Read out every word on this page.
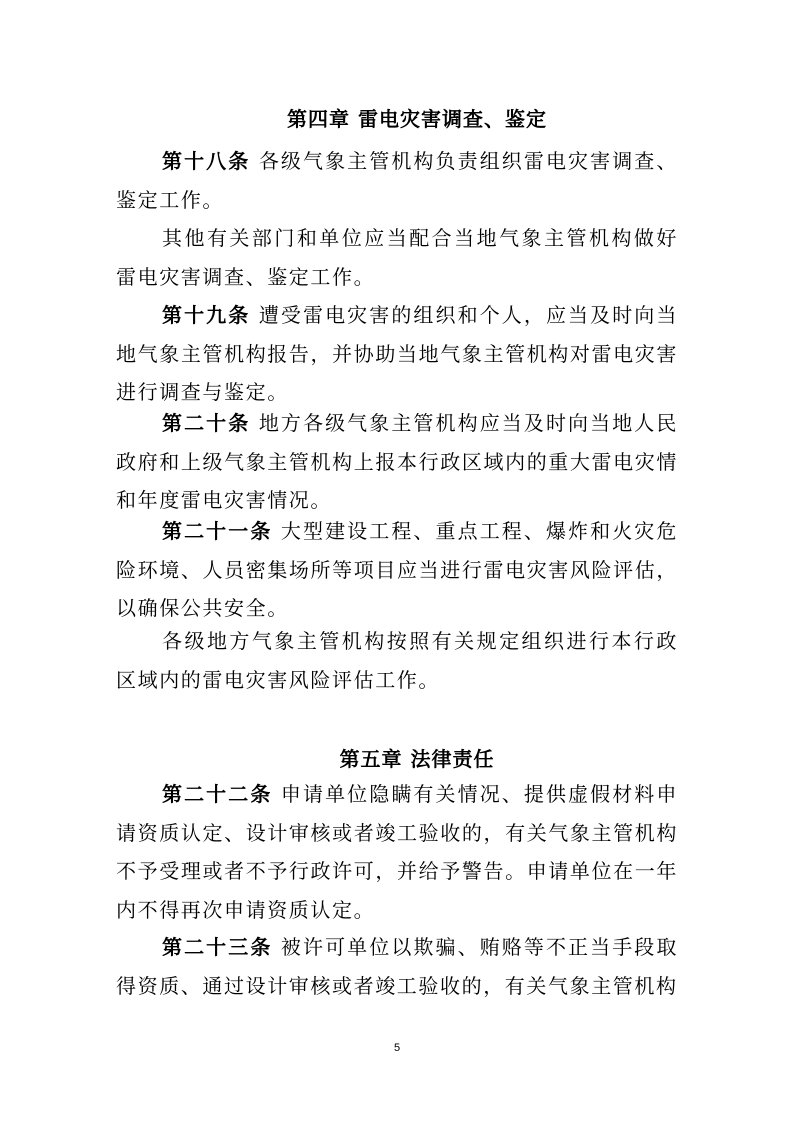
第四章 雷电灾害调查、鉴定

第十八条 各级气象主管机构负责组织雷电灾害调查、鉴定工作。

其他有关部门和单位应当配合当地气象主管机构做好雷电灾害调查、鉴定工作。

第十九条 遭受雷电灾害的组织和个人，应当及时向当地气象主管机构报告，并协助当地气象主管机构对雷电灾害进行调查与鉴定。

第二十条 地方各级气象主管机构应当及时向当地人民政府和上级气象主管机构上报本行政区域内的重大雷电灾情和年度雷电灾害情况。

第二十一条 大型建设工程、重点工程、爆炸和火灾危险环境、人员密集场所等项目应当进行雷电灾害风险评估，以确保公共安全。

各级地方气象主管机构按照有关规定组织进行本行政区域内的雷电灾害风险评估工作。

第五章 法律责任

第二十二条 申请单位隐瞒有关情况、提供虚假材料申请资质认定、设计审核或者竣工验收的，有关气象主管机构不予受理或者不予行政许可，并给予警告。申请单位在一年内不得再次申请资质认定。

第二十三条 被许可单位以欺骗、贿赂等不正当手段取得资质、通过设计审核或者竣工验收的，有关气象主管机构

5
